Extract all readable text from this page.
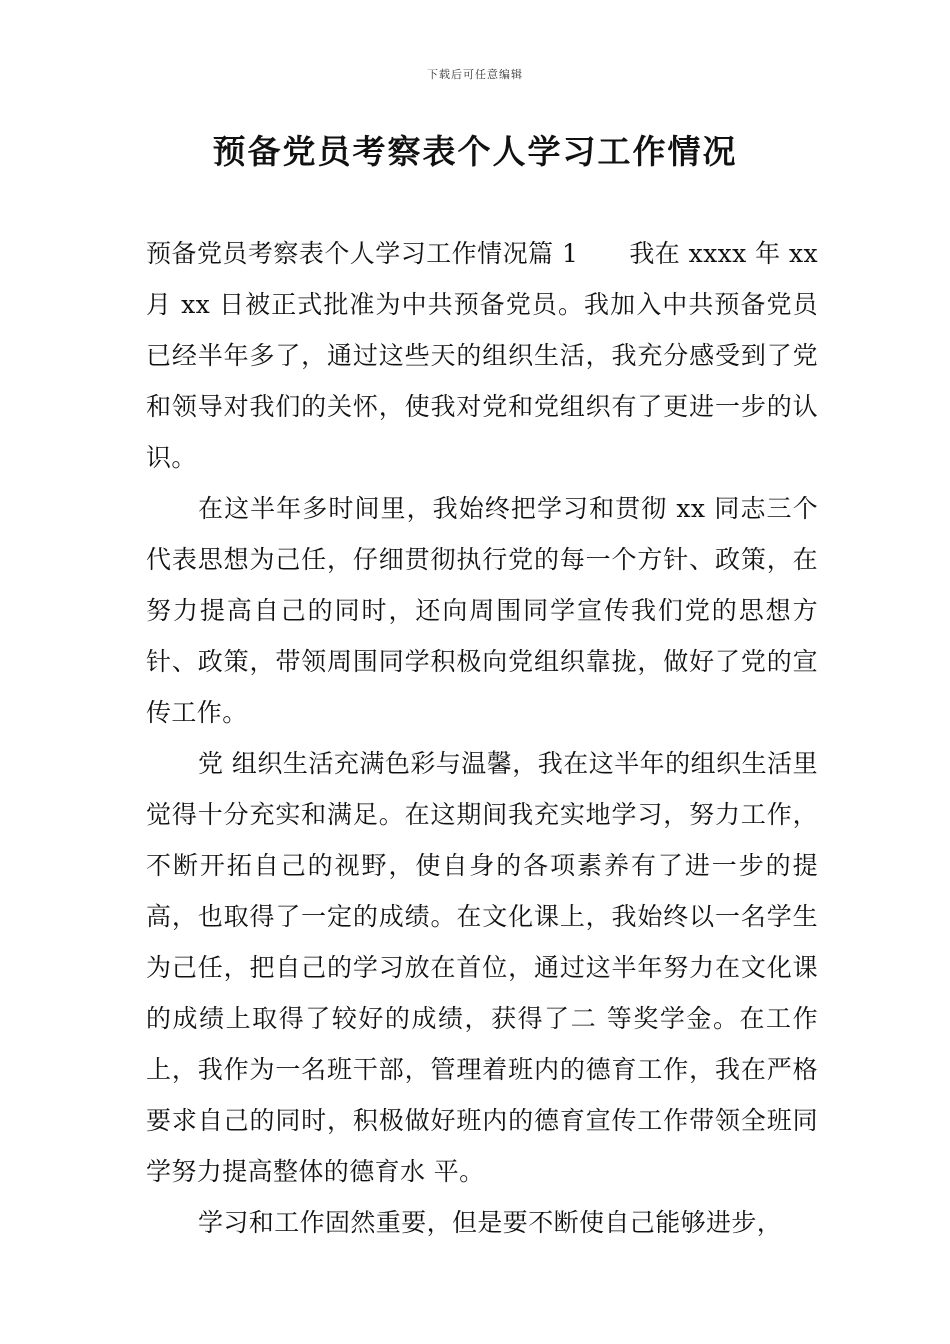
下载后可任意编辑
预备党员考察表个人学习工作情况

预备党员考察表个人学习工作情况篇 1　　我在 xxxx 年 xx 月 xx 日被正式批准为中共预备党员。我加入中共预备党员已经半年多了，通过这些天的组织生活，我充分感受到了党和领导对我们的关怀，使我对党和党组织有了更进一步的认识。

在这半年多时间里，我始终把学习和贯彻 xx 同志三个代表思想为己任，仔细贯彻执行党的每一个方针、政策，在努力提高自己的同时，还向周围同学宣传我们党的思想方针、政策，带领周围同学积极向党组织靠拢，做好了党的宣传工作。

党 组织生活充满色彩与温馨，我在这半年的组织生活里觉得十分充实和满足。在这期间我充实地学习，努力工作，不断开拓自己的视野，使自身的各项素养有了进一步的提高，也取得了一定的成绩。在文化课上，我始终以一名学生为己任，把自己的学习放在首位，通过这半年努力在文化课的成绩上取得了较好的成绩，获得了二 等奖学金。在工作上，我作为一名班干部，管理着班内的德育工作，我在严格要求自己的同时，积极做好班内的德育宣传工作带领全班同学努力提高整体的德育水 平。

学习和工作固然重要，但是要不断使自己能够进步，
